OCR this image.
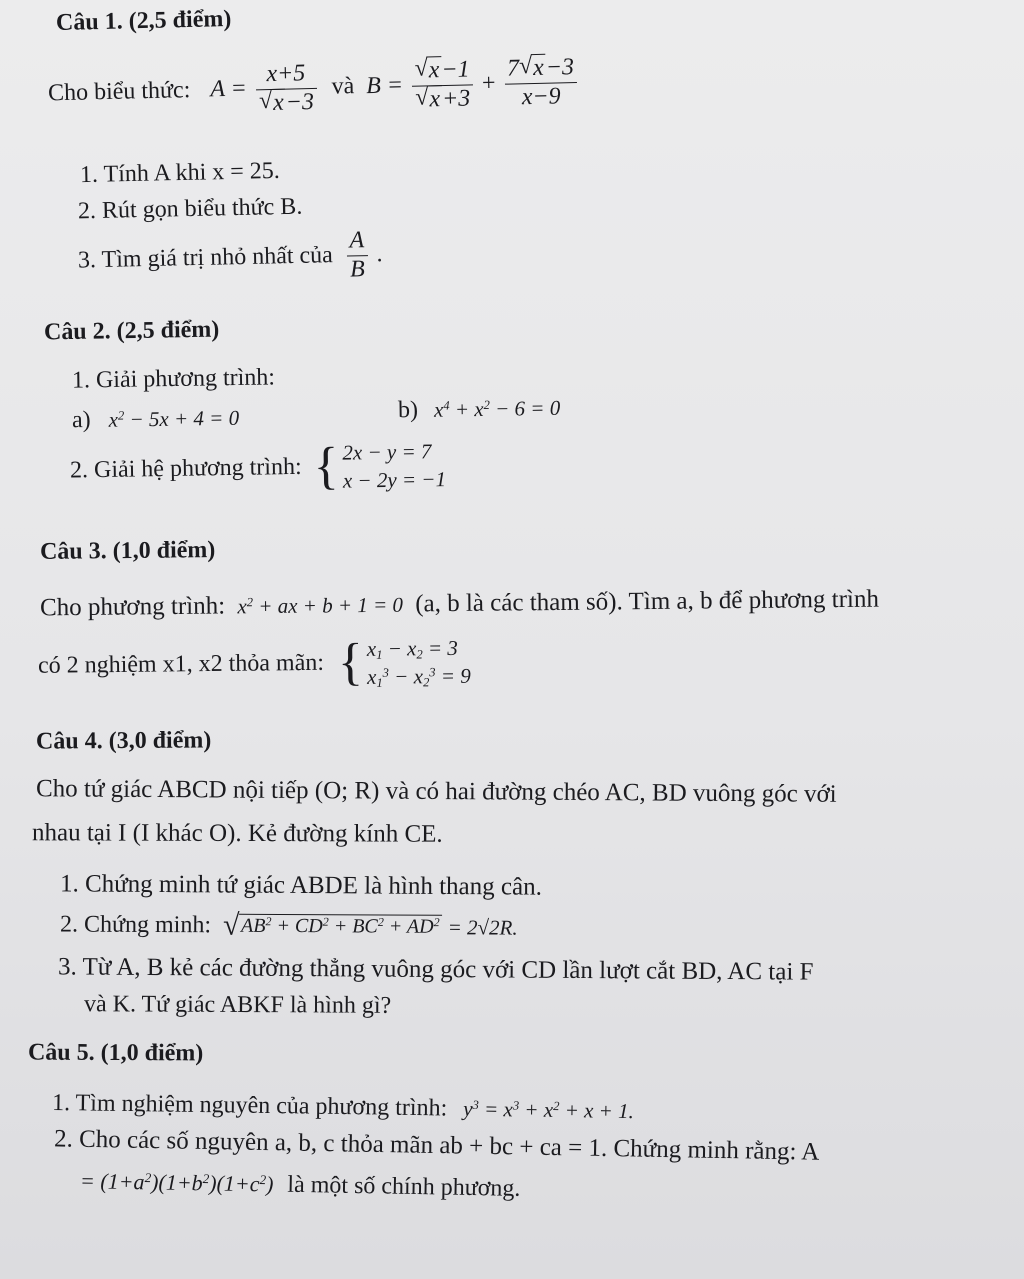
Câu 1. (2,5 điểm)
Cho biểu thức: A = x+5
√ x−3 và B = √ x−1
√ $x+3 + \frac{7 √ x-3}{x-9}$
1. Tính A khi x = 25.
2. Rút gọn biểu thức B.
3. Tìm giá trị nhỏ nhất của $\frac{A}{B}$ .
Câu 2. (2,5 điểm)
1. Giải phương trình:
a) $x^2 - 5x + 4 = 0$	b) $x^4 + x^2 - 6 = 0$
2. Giải hệ phương trình: { 2x − y = 7
x − 2y = −1
Câu 3. (1,0 điểm)
Cho phương trình: $x^2$ + ax + b + 1 = 0 (a, b là các tham số). Tìm a, b để phương trình
có 2 nghiệm x1, x2 thỏa mãn: { $x_1 - x_2 = 3$
$x_1^3 - x_2^3 = 9$
Câu 4. (3,0 điểm)
Cho tứ giác ABCD nội tiếp (O; R) và có hai đường chéo AC, BD vuông góc với
nhau tại I (I khác O). Kẻ đường kính CE.
1. Chứng minh tứ giác ABDE là hình thang cân.
2. Chứng minh: √ $AB^2 + CD^2 + BC^2 + AD^2 = 2√2R$.
3. Từ A, B kẻ các đường thẳng vuông góc với CD lần lượt cắt BD, AC tại F
và K. Tứ giác ABKF là hình gì?
Câu 5. (1,0 điểm)
1. Tìm nghiệm nguyên của phương trình: $y^3 = x^3 + x^2 + x + 1$.
2. Cho các số nguyên a, b, c thỏa mãn ab + bc + ca = 1. Chứng minh rằng: A
= $(1+a^2)(1+b^2)(1+c^2)$ là một số chính phương.
